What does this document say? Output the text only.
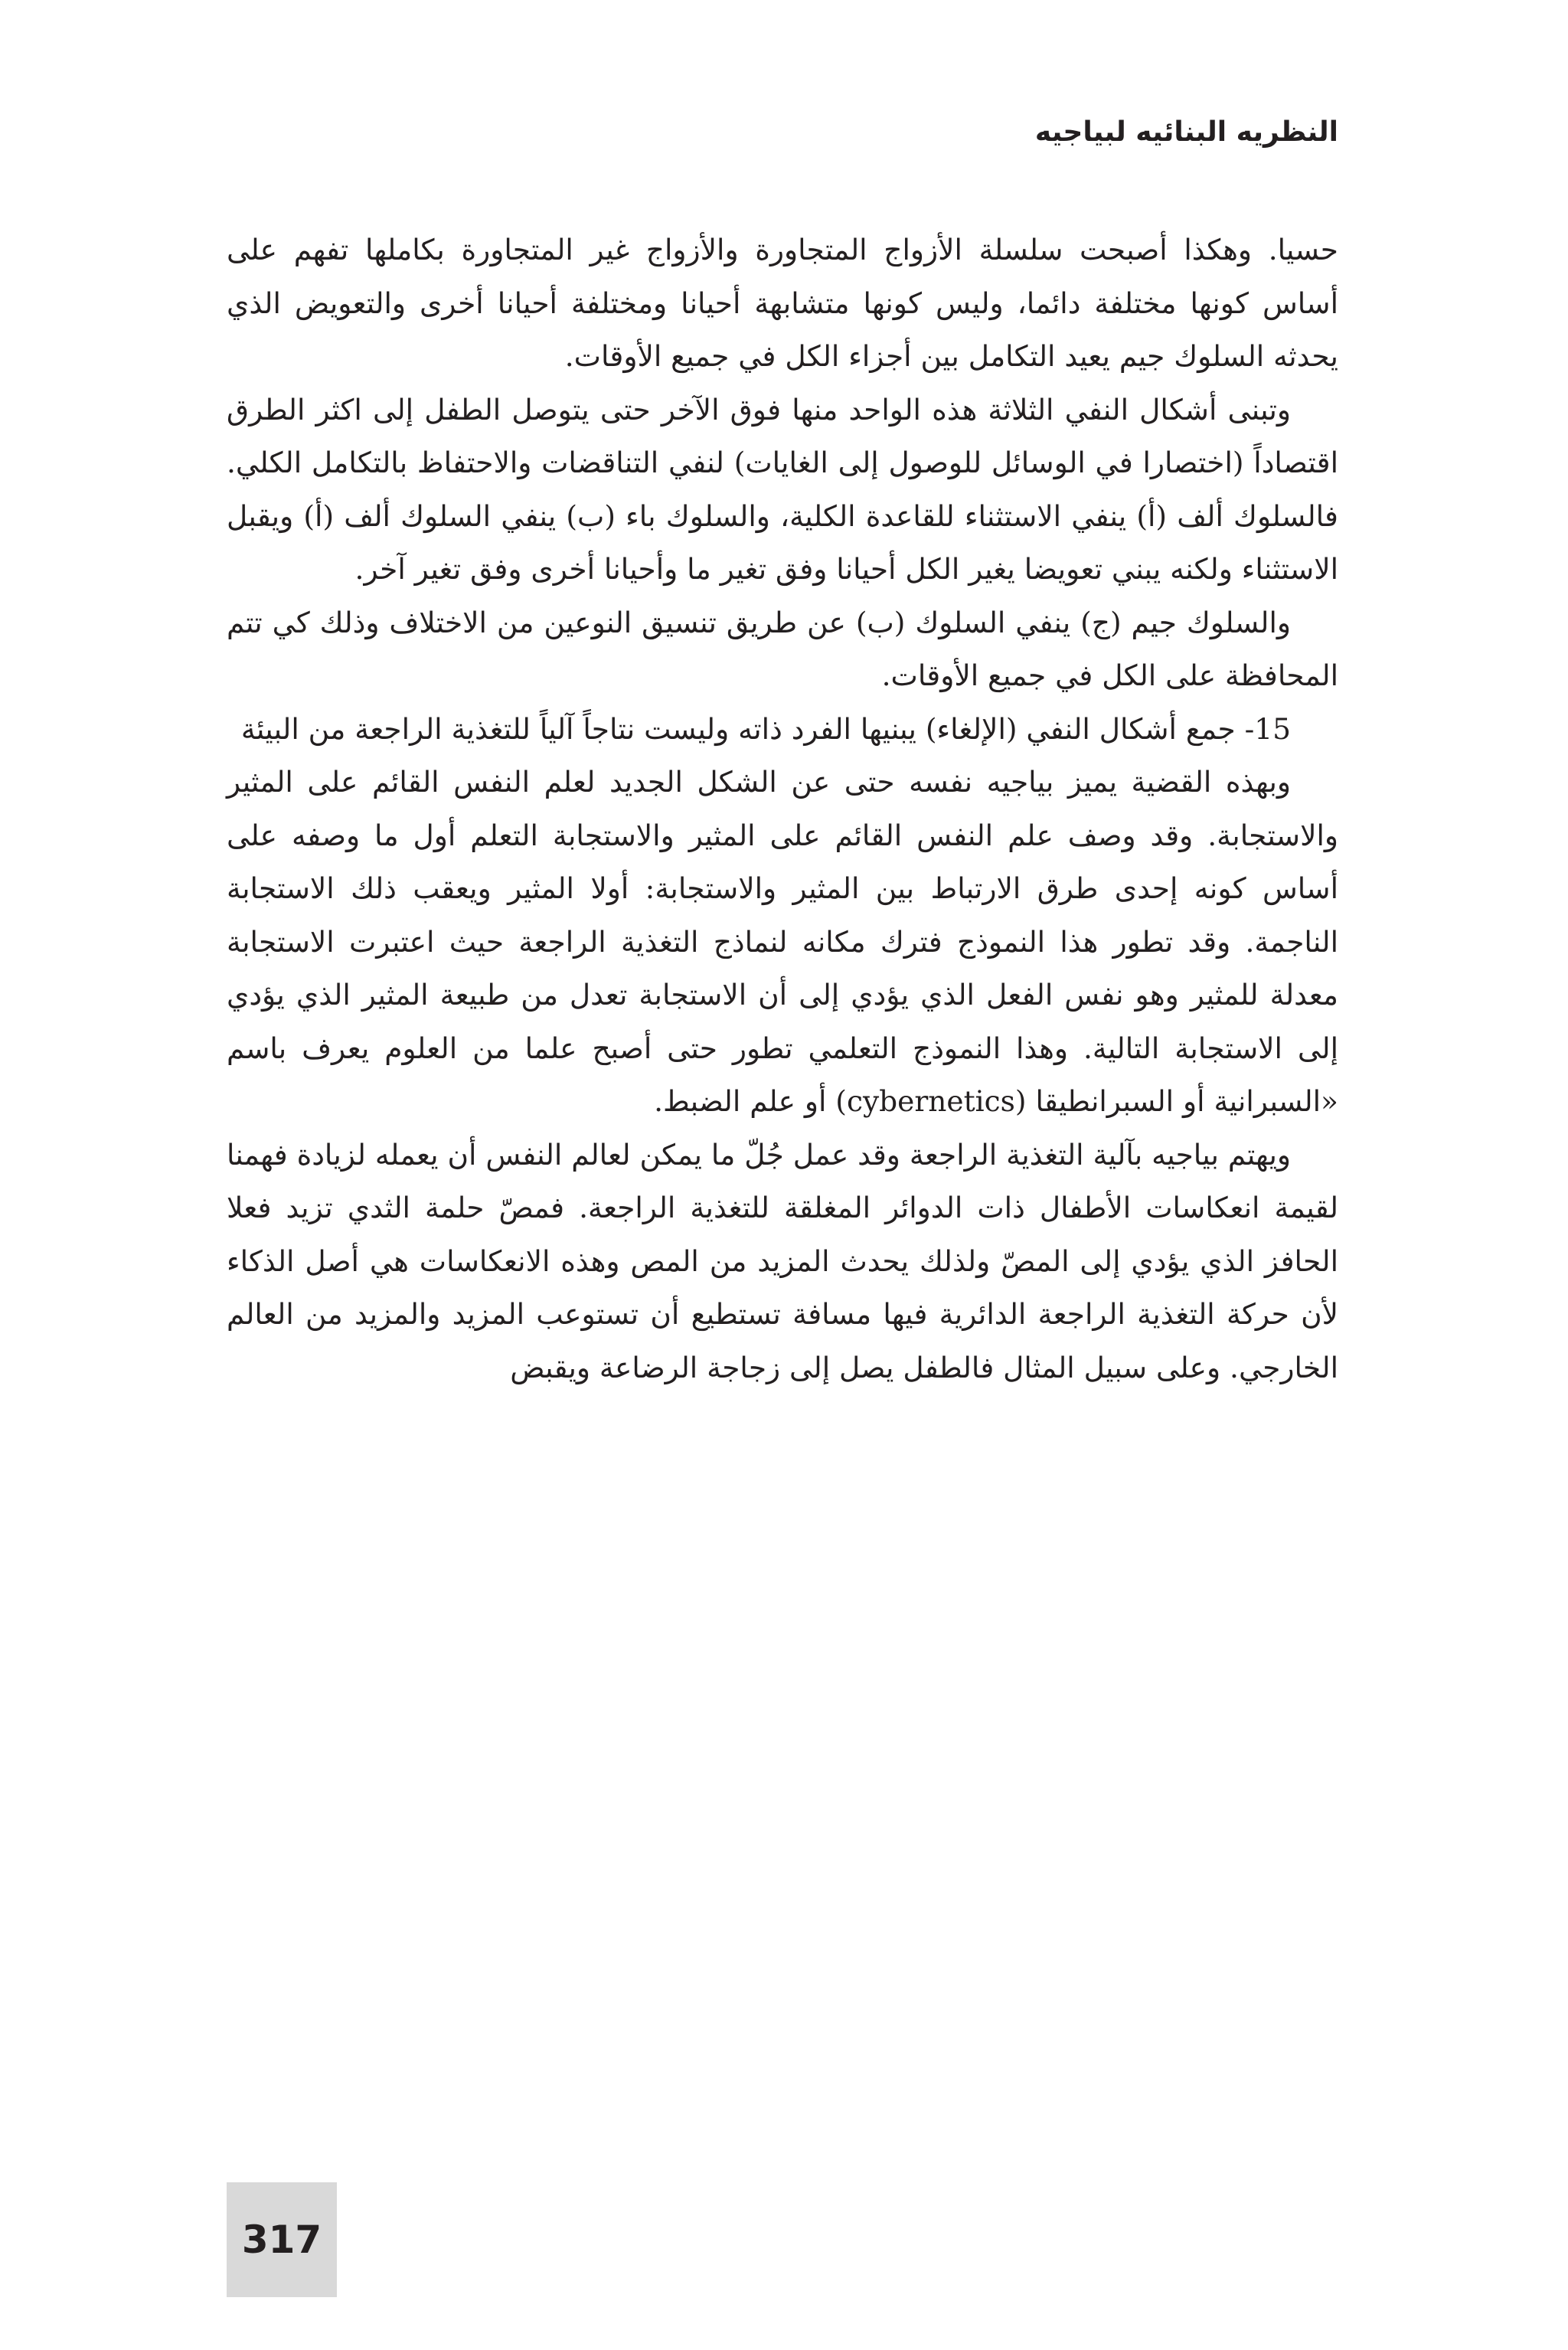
النظريه البنائيه لبياجيه

حسيا. وهكذا أصبحت سلسلة الأزواج المتجاورة والأزواج غير المتجاورة بكاملها تفهم على أساس كونها مختلفة دائما، وليس كونها متشابهة أحيانا ومختلفة أحيانا أخرى والتعويض الذي يحدثه السلوك جيم يعيد التكامل بين أجزاء الكل في جميع الأوقات.

وتبنى أشكال النفي الثلاثة هذه الواحد منها فوق الآخر حتى يتوصل الطفل إلى اكثر الطرق اقتصاداً (اختصارا في الوسائل للوصول إلى الغايات) لنفي التناقضات والاحتفاظ بالتكامل الكلي. فالسلوك ألف (أ) ينفي الاستثناء للقاعدة الكلية، والسلوك باء (ب) ينفي السلوك ألف (أ) ويقبل الاستثناء ولكنه يبني تعويضا يغير الكل أحيانا وفق تغير ما وأحيانا أخرى وفق تغير آخر.

والسلوك جيم (ج) ينفي السلوك (ب) عن طريق تنسيق النوعين من الاختلاف وذلك كي تتم المحافظة على الكل في جميع الأوقات.

15- جمع أشكال النفي (الإلغاء) يبنيها الفرد ذاته وليست نتاجاً آلياً للتغذية الراجعة من البيئة

وبهذه القضية يميز بياجيه نفسه حتى عن الشكل الجديد لعلم النفس القائم على المثير والاستجابة. وقد وصف علم النفس القائم على المثير والاستجابة التعلم أول ما وصفه على أساس كونه إحدى طرق الارتباط بين المثير والاستجابة: أولا المثير ويعقب ذلك الاستجابة الناجمة. وقد تطور هذا النموذج فترك مكانه لنماذج التغذية الراجعة حيث اعتبرت الاستجابة معدلة للمثير وهو نفس الفعل الذي يؤدي إلى أن الاستجابة تعدل من طبيعة المثير الذي يؤدي إلى الاستجابة التالية. وهذا النموذج التعلمي تطور حتى أصبح علما من العلوم يعرف باسم «السبرانية أو السبرانطيقا (cybernetics) أو علم الضبط.

ويهتم بياجيه بآلية التغذية الراجعة وقد عمل جُلّ ما يمكن لعالم النفس أن يعمله لزيادة فهمنا لقيمة انعكاسات الأطفال ذات الدوائر المغلقة للتغذية الراجعة. فمصّ حلمة الثدي تزيد فعلا الحافز الذي يؤدي إلى المصّ ولذلك يحدث المزيد من المص وهذه الانعكاسات هي أصل الذكاء لأن حركة التغذية الراجعة الدائرية فيها مسافة تستطيع أن تستوعب المزيد والمزيد من العالم الخارجي. وعلى سبيل المثال فالطفل يصل إلى زجاجة الرضاعة ويقبض

317
